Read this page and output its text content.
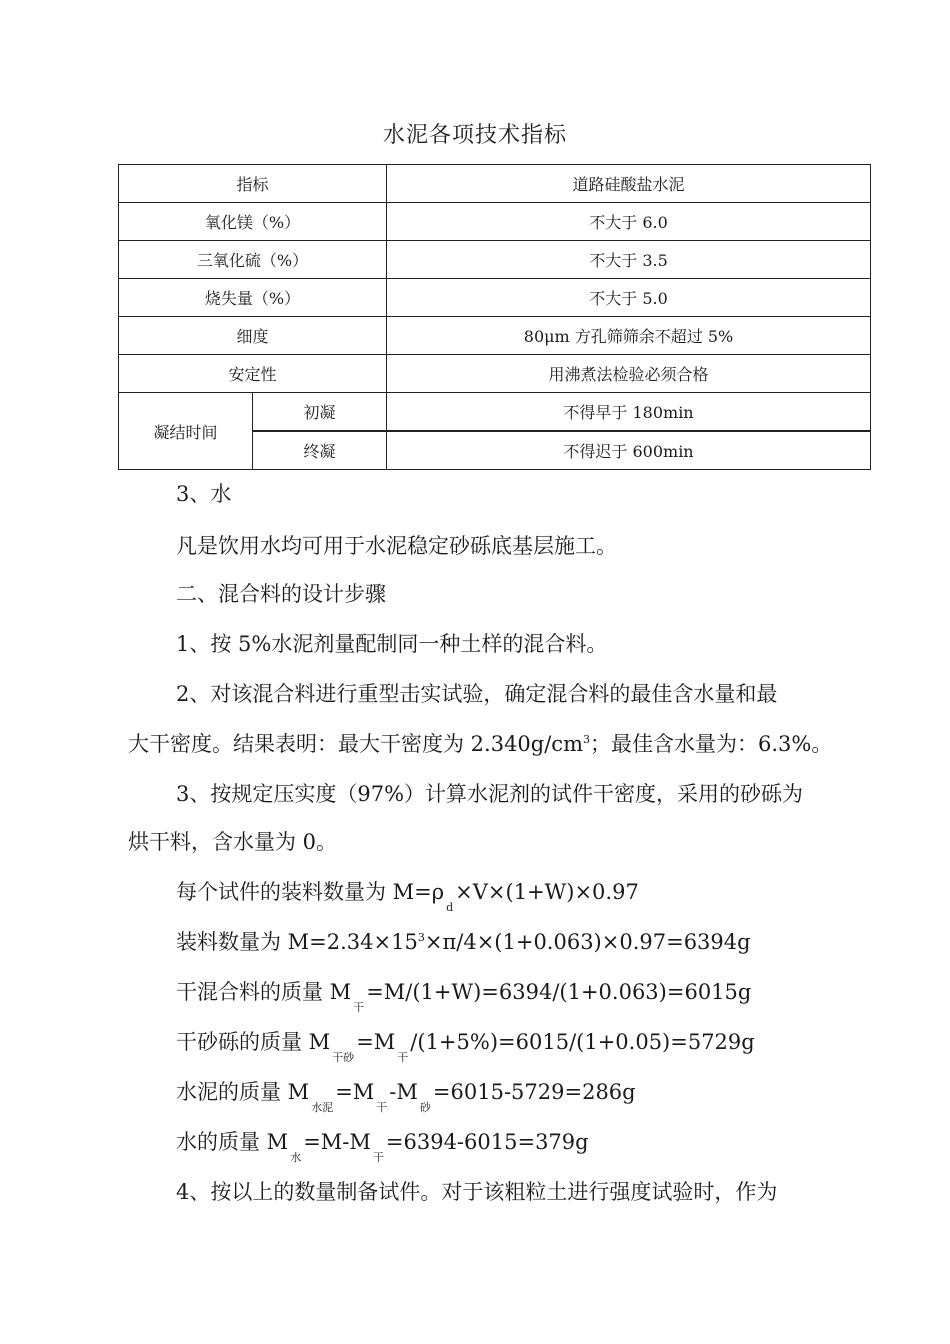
水泥各项技术指标
指标		道路硅酸盐水泥
氧化镁（%）		不大于 6.0
三氧化硫（%）		不大于 3.5
烧失量（%）		不大于 5.0
细度		80μm 方孔筛筛余不超过 5%
安定性		用沸煮法检验必须合格
凝结时间	初凝	不得早于 180min
	终凝	不得迟于 600min
3、水
凡是饮用水均可用于水泥稳定砂砾底基层施工。
二、混合料的设计步骤
1、按 5%水泥剂量配制同一种土样的混合料。
2、对该混合料进行重型击实试验，确定混合料的最佳含水量和最
大干密度。结果表明：最大干密度为 $2.340g/cm^3$；最佳含水量为：6.3%。
3、按规定压实度（97%）计算水泥剂的试件干密度，采用的砂砾为
烘干料，含水量为 0。
每个试件的装料数量为 $M=\rho_d\times V\times(1+W)\times 0.97$
装料数量为 $M=2.34\times 15^3\times\pi/4\times(1+0.063)\times 0.97=6394g$
干混合料的质量 $M_干=M/(1+W)=6394/(1+0.063)=6015g$
干砂砾的质量 $M_{干砂}=M_干/(1+5\%)=6015/(1+0.05)=5729g$
水泥的质量 $M_{水泥}=M_干-M_砂=6015-5729=286g$
水的质量 $M_水=M-M_干=6394-6015=379g$
4、按以上的数量制备试件。对于该粗粒土进行强度试验时，作为
